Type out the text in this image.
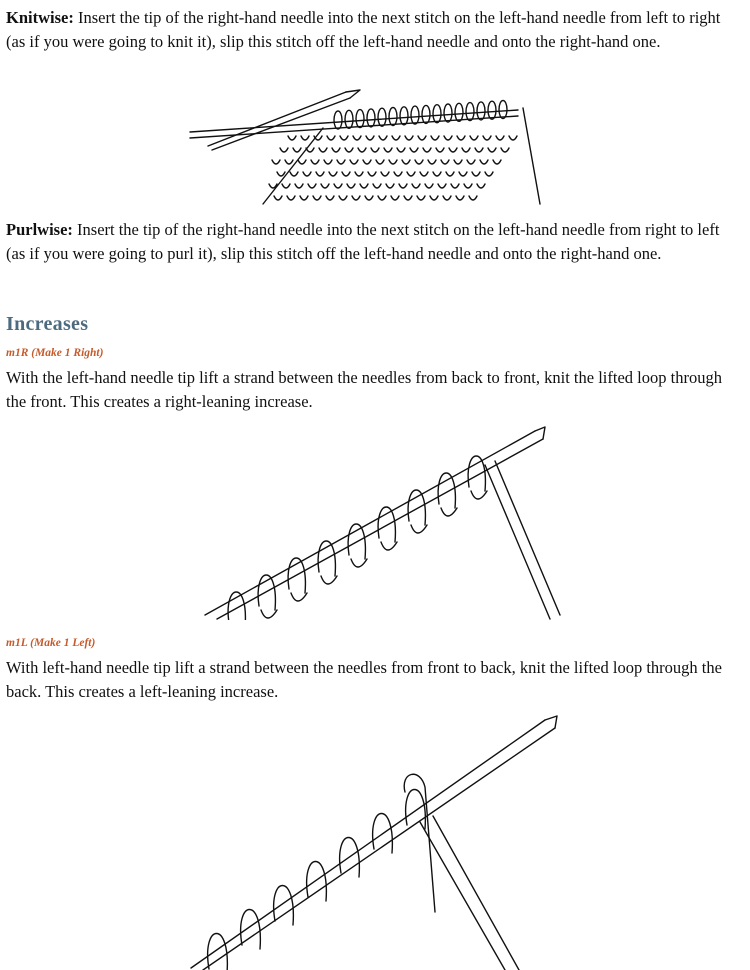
Knitwise: Insert the tip of the right-hand needle into the next stitch on the left-hand needle from left to right (as if you were going to knit it), slip this stitch off the left-hand needle and onto the right-hand one.

Purlwise: Insert the tip of the right-hand needle into the next stitch on the left-hand needle from right to left (as if you were going to purl it), slip this stitch off the left-hand needle and onto the right-hand one.

Increases

m1R (Make 1 Right)

With the left-hand needle tip lift a strand between the needles from back to front, knit the lifted loop through the front. This creates a right-leaning increase.

m1L (Make 1 Left)

With left-hand needle tip lift a strand between the needles from front to back, knit the lifted loop through the back. This creates a left-leaning increase.
